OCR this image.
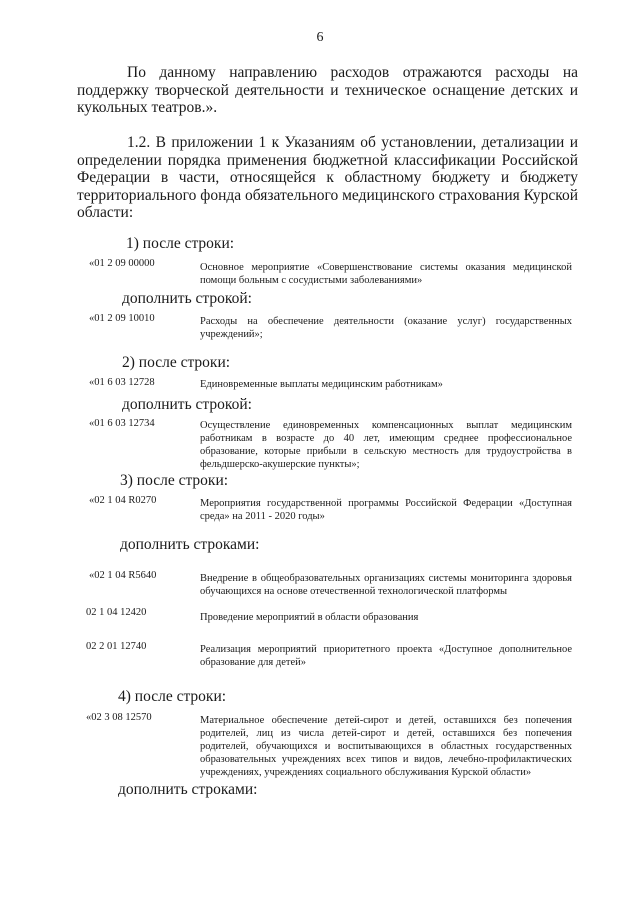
6
По данному направлению расходов отражаются расходы на поддержку творческой деятельности и техническое оснащение детских и кукольных театров.».
1.2. В приложении 1 к Указаниям об установлении, детализации и определении порядка применения бюджетной классификации Российской Федерации в части, относящейся к областному бюджету и бюджету территориального фонда обязательного медицинского страхования Курской области:
1) после строки:
«01 2 09 00000	Основное мероприятие «Совершенствование системы оказания медицинской помощи больным с сосудистыми заболеваниями»
дополнить строкой:
«01 2 09 10010	Расходы на обеспечение деятельности (оказание услуг) государственных учреждений»;
2) после строки:
«01 6 03 12728	Единовременные выплаты медицинским работникам»
дополнить строкой:
«01 6 03 12734	Осуществление единовременных компенсационных выплат медицинским работникам в возрасте до 40 лет, имеющим среднее профессиональное образование, которые прибыли в сельскую местность для трудоустройства в фельдшерско-акушерские пункты»;
3) после строки:
«02 1 04 R0270	Мероприятия государственной программы Российской Федерации «Доступная среда» на 2011 - 2020 годы»
дополнить строками:
«02 1 04 R5640	Внедрение в общеобразовательных организациях системы мониторинга здоровья обучающихся на основе отечественной технологической платформы
02 1 04 12420	Проведение мероприятий в области образования
02 2 01 12740	Реализация мероприятий приоритетного проекта «Доступное дополнительное образование для детей»
4) после строки:
«02 3 08 12570	Материальное обеспечение детей-сирот и детей, оставшихся без попечения родителей, лиц из числа детей-сирот и детей, оставшихся без попечения родителей, обучающихся и воспитывающихся в областных государственных образовательных учреждениях всех типов и видов, лечебно-профилактических учреждениях, учреждениях социального обслуживания Курской области»
дополнить строками:
